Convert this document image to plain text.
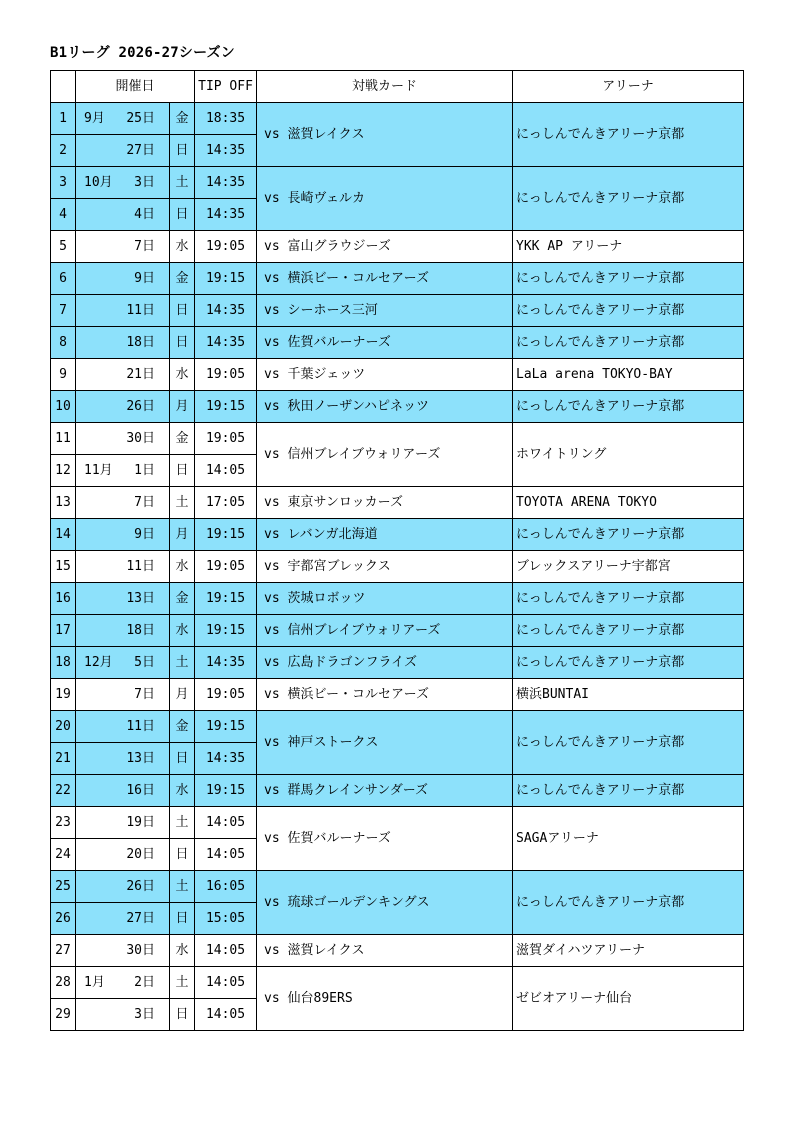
B1リーグ 2026-27シーズン
	開催日			TIP OFF	対戦カード	アリーナ
1	9月	25日	金	18:35	vs 滋賀レイクス	にっしんでんきアリーナ京都
2		27日	日	14:35		
3	10月	3日	土	14:35	vs 長崎ヴェルカ	にっしんでんきアリーナ京都
4		4日	日	14:35		
5		7日	水	19:05	vs 富山グラウジーズ	YKK AP アリーナ
6		9日	金	19:15	vs 横浜ビー・コルセアーズ	にっしんでんきアリーナ京都
7		11日	日	14:35	vs シーホース三河	にっしんでんきアリーナ京都
8		18日	日	14:35	vs 佐賀バルーナーズ	にっしんでんきアリーナ京都
9		21日	水	19:05	vs 千葉ジェッツ	LaLa arena TOKYO-BAY
10		26日	月	19:15	vs 秋田ノーザンハピネッツ	にっしんでんきアリーナ京都
11		30日	金	19:05	vs 信州ブレイブウォリアーズ	ホワイトリング
12	11月	1日	日	14:05		
13		7日	土	17:05	vs 東京サンロッカーズ	TOYOTA ARENA TOKYO
14		9日	月	19:15	vs レバンガ北海道	にっしんでんきアリーナ京都
15		11日	水	19:05	vs 宇都宮ブレックス	ブレックスアリーナ宇都宮
16		13日	金	19:15	vs 茨城ロボッツ	にっしんでんきアリーナ京都
17		18日	水	19:15	vs 信州ブレイブウォリアーズ	にっしんでんきアリーナ京都
18	12月	5日	土	14:35	vs 広島ドラゴンフライズ	にっしんでんきアリーナ京都
19		7日	月	19:05	vs 横浜ビー・コルセアーズ	横浜BUNTAI
20		11日	金	19:15	vs 神戸ストークス	にっしんでんきアリーナ京都
21		13日	日	14:35		
22		16日	水	19:15	vs 群馬クレインサンダーズ	にっしんでんきアリーナ京都
23		19日	土	14:05	vs 佐賀バルーナーズ	SAGAアリーナ
24		20日	日	14:05		
25		26日	土	16:05	vs 琉球ゴールデンキングス	にっしんでんきアリーナ京都
26		27日	日	15:05		
27		30日	水	14:05	vs 滋賀レイクス	滋賀ダイハツアリーナ
28	1月	2日	土	14:05	vs 仙台89ERS	ゼビオアリーナ仙台
29		3日	日	14:05		
